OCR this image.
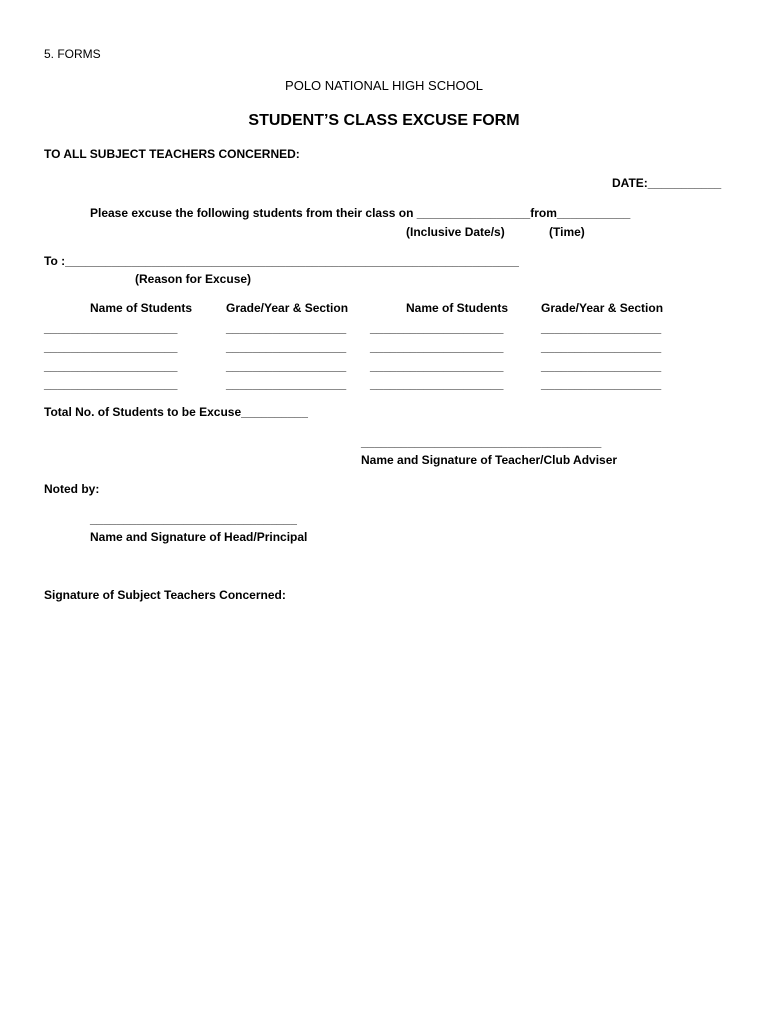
5. FORMS
POLO NATIONAL HIGH SCHOOL
STUDENT’S CLASS EXCUSE FORM
TO ALL SUBJECT TEACHERS CONCERNED:
DATE:___________
Please excuse the following students from their class on _________________from___________
(Inclusive Date/s)	(Time)
To :____________________________________________________________________
(Reason for Excuse)
Name of Students	Grade/Year & Section	Name of Students	Grade/Year & Section
____________________	__________________ ____________________	__________________
____________________	__________________ ____________________	__________________
____________________	__________________ ____________________	__________________
____________________	__________________ ____________________	__________________
Total No. of Students to be Excuse__________
____________________________________
Name and Signature of Teacher/Club Adviser
Noted by:
_______________________________
Name and Signature of Head/Principal
Signature of Subject Teachers Concerned:
